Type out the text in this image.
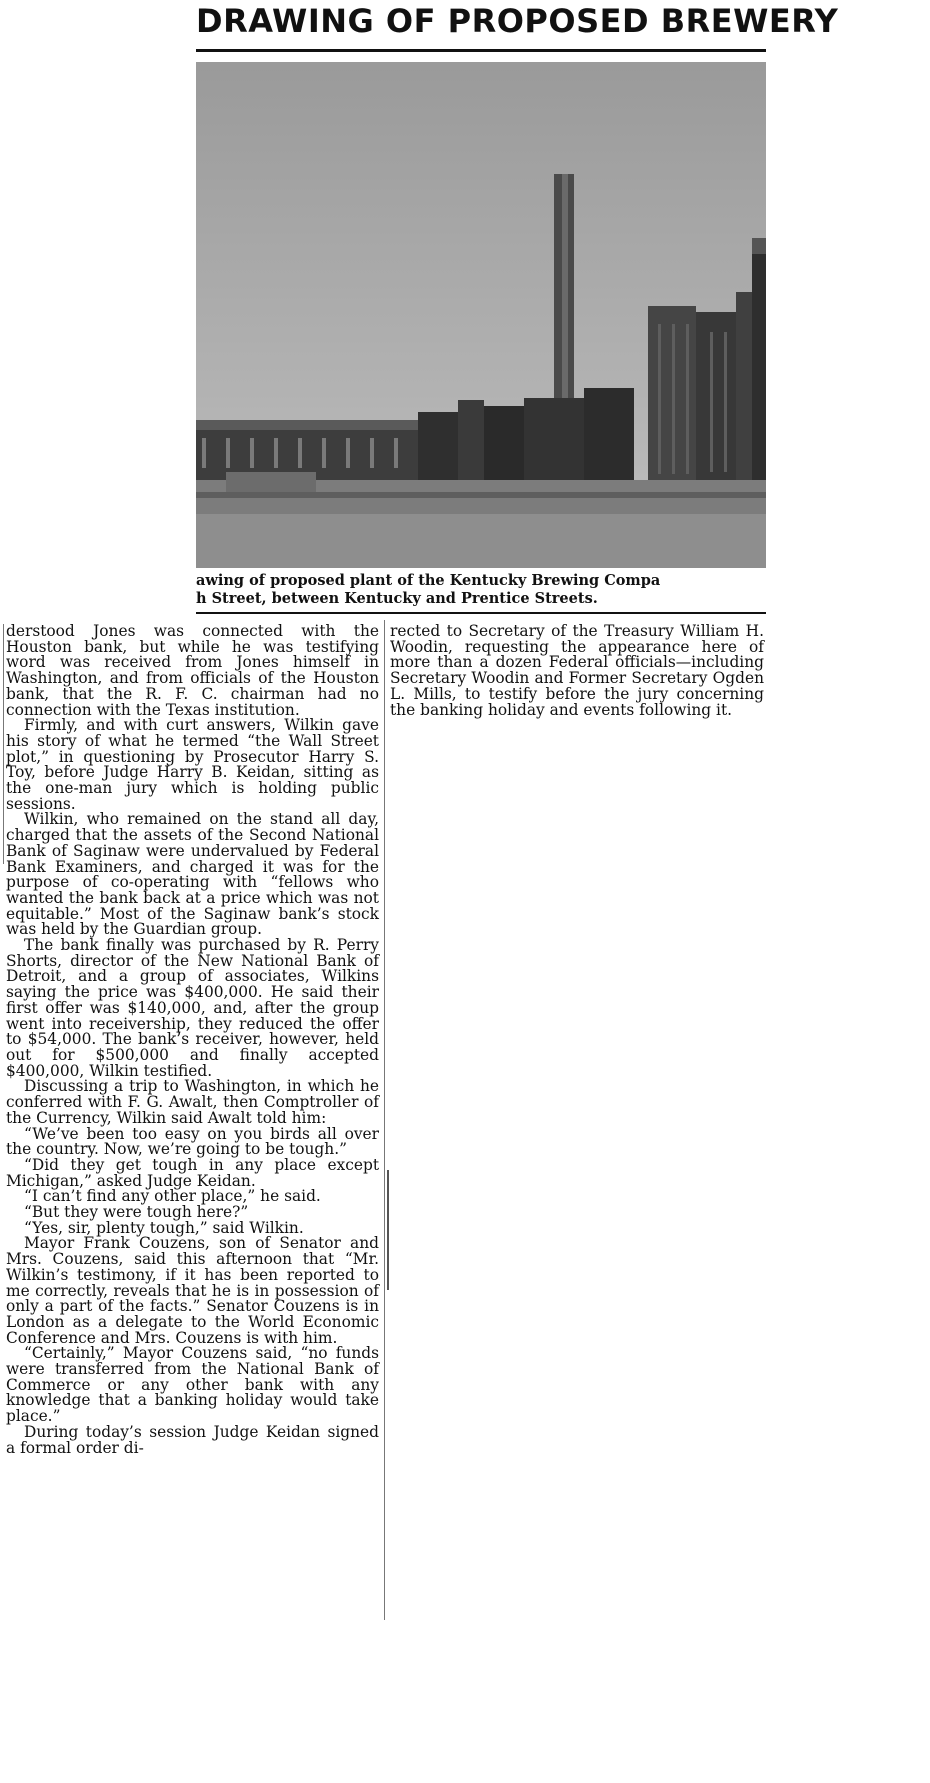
DRAWING OF PROPOSED BREWERY
awing of proposed plant of the Kentucky Brewing Compa
h Street, between Kentucky and Prentice Streets.

derstood Jones was connected with the Houston bank, but while he was testifying word was received from Jones himself in Washington, and from officials of the Houston bank, that the R. F. C. chairman had no connection with the Texas institution.

Firmly, and with curt answers, Wilkin gave his story of what he termed “the Wall Street plot,” in questioning by Prosecutor Harry S. Toy, before Judge Harry B. Keidan, sitting as the one-man jury which is holding public sessions.

Wilkin, who remained on the stand all day, charged that the assets of the Second National Bank of Saginaw were undervalued by Federal Bank Examiners, and charged it was for the purpose of co-operating with “fellows who wanted the bank back at a price which was not equitable.” Most of the Saginaw bank’s stock was held by the Guardian group.

The bank finally was purchased by R. Perry Shorts, director of the New National Bank of Detroit, and a group of associates, Wilkins saying the price was $400,000. He said their first offer was $140,000, and, after the group went into receivership, they reduced the offer to $54,000. The bank’s receiver, however, held out for $500,000 and finally accepted $400,000, Wilkin testified.

Discussing a trip to Washington, in which he conferred with F. G. Awalt, then Comptroller of the Currency, Wilkin said Awalt told him:

“We’ve been too easy on you birds all over the country. Now, we’re going to be tough.”

“Did they get tough in any place except Michigan,” asked Judge Keidan.

“I can’t find any other place,” he said.

“But they were tough here?”

“Yes, sir, plenty tough,” said Wilkin.

Mayor Frank Couzens, son of Senator and Mrs. Couzens, said this afternoon that “Mr. Wilkin’s testimony, if it has been reported to me correctly, reveals that he is in possession of only a part of the facts.” Senator Couzens is in London as a delegate to the World Economic Conference and Mrs. Couzens is with him.

“Certainly,” Mayor Couzens said, “no funds were transferred from the National Bank of Commerce or any other bank with any knowledge that a banking holiday would take place.”

During today’s session Judge Keidan signed a formal order di-

rected to Secretary of the Treasury William H. Woodin, requesting the appearance here of more than a dozen Federal officials—including Secretary Woodin and Former Secretary Ogden L. Mills, to testify before the jury concerning the banking holiday and events following it.
